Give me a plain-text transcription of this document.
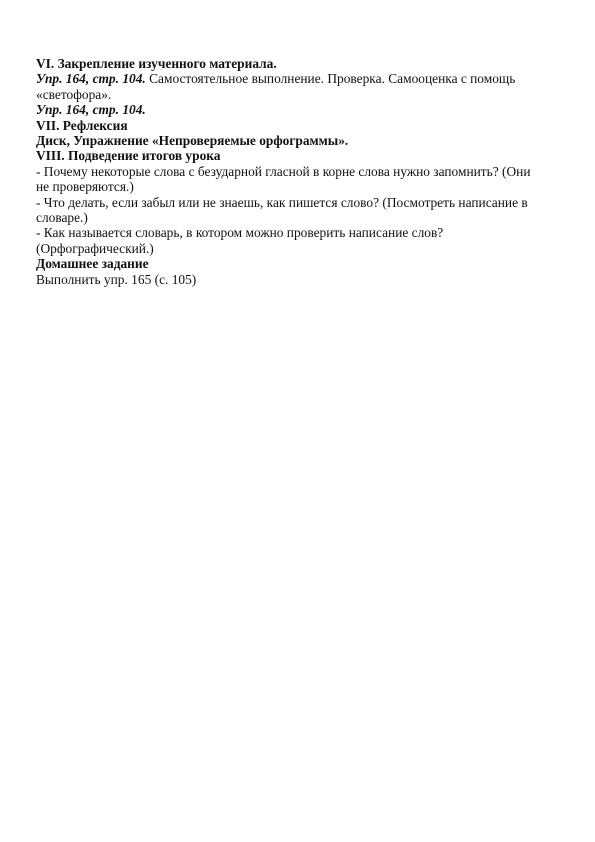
VI. Закрепление изученного материала.

Упр. 164, стр. 104. Самостоятельное выполнение. Проверка. Самооценка с помощь

«светофора».

Упр. 164, стр. 104.

VII. Рефлексия

Диск, Упражнение «Непроверяемые орфограммы».

VIII. Подведение итогов урока

- Почему некоторые слова с безударной гласной в корне слова нужно запомнить? (Они

не проверяются.)

- Что делать, если забыл или не знаешь, как пишется слово? (Посмотреть написание в

словаре.)

- Как называется словарь, в котором можно проверить написание слов?

(Орфографический.)

Домашнее задание

Выполнить упр. 165 (с. 105)
